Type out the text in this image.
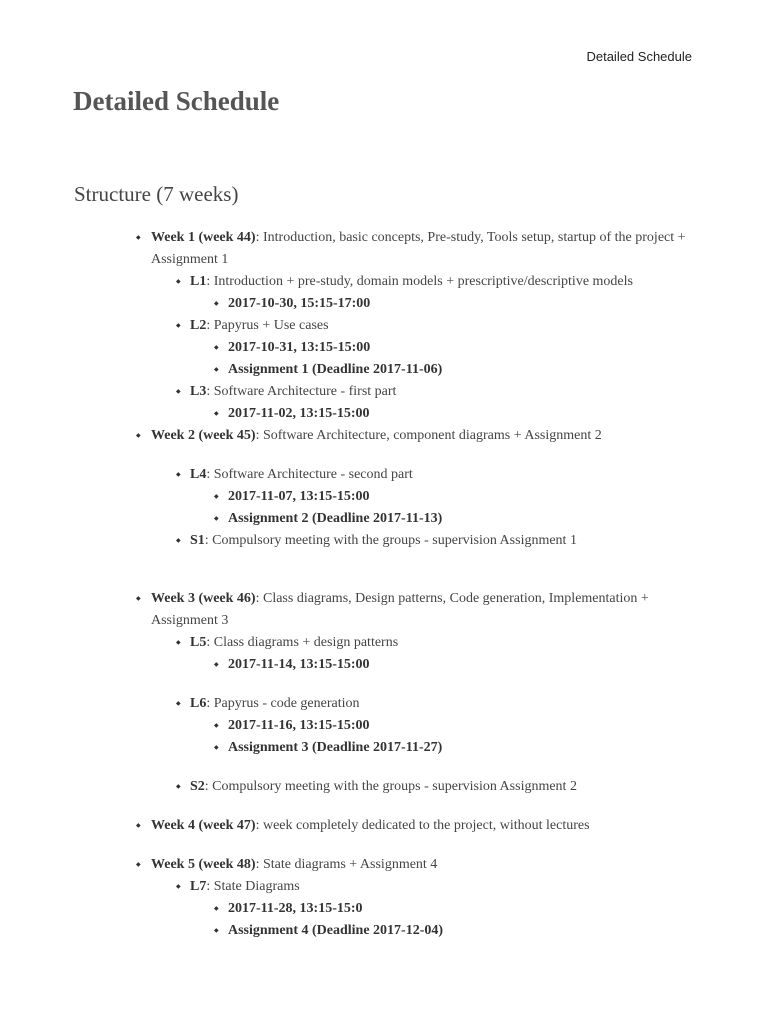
Detailed Schedule
Detailed Schedule
Structure (7 weeks)
◆ Week 1 (week 44): Introduction, basic concepts, Pre-study, Tools setup, startup of the project + Assignment 1
◆ L1: Introduction + pre-study, domain models + prescriptive/descriptive models
◆ 2017-10-30, 15:15-17:00
◆ L2: Papyrus + Use cases
◆ 2017-10-31, 13:15-15:00
◆ Assignment 1 (Deadline 2017-11-06)
◆ L3: Software Architecture - first part
◆ 2017-11-02, 13:15-15:00
◆ Week 2 (week 45): Software Architecture, component diagrams + Assignment 2
◆ L4: Software Architecture - second part
◆ 2017-11-07, 13:15-15:00
◆ Assignment 2 (Deadline 2017-11-13)
◆ S1: Compulsory meeting with the groups - supervision Assignment 1
◆ Week 3 (week 46): Class diagrams, Design patterns, Code generation, Implementation + Assignment 3
◆ L5: Class diagrams + design patterns
◆ 2017-11-14, 13:15-15:00
◆ L6: Papyrus - code generation
◆ 2017-11-16, 13:15-15:00
◆ Assignment 3 (Deadline 2017-11-27)
◆ S2: Compulsory meeting with the groups - supervision Assignment 2
◆ Week 4 (week 47): week completely dedicated to the project, without lectures
◆ Week 5 (week 48): State diagrams + Assignment 4
◆ L7: State Diagrams
◆ 2017-11-28, 13:15-15:0
◆ Assignment 4 (Deadline 2017-12-04)
